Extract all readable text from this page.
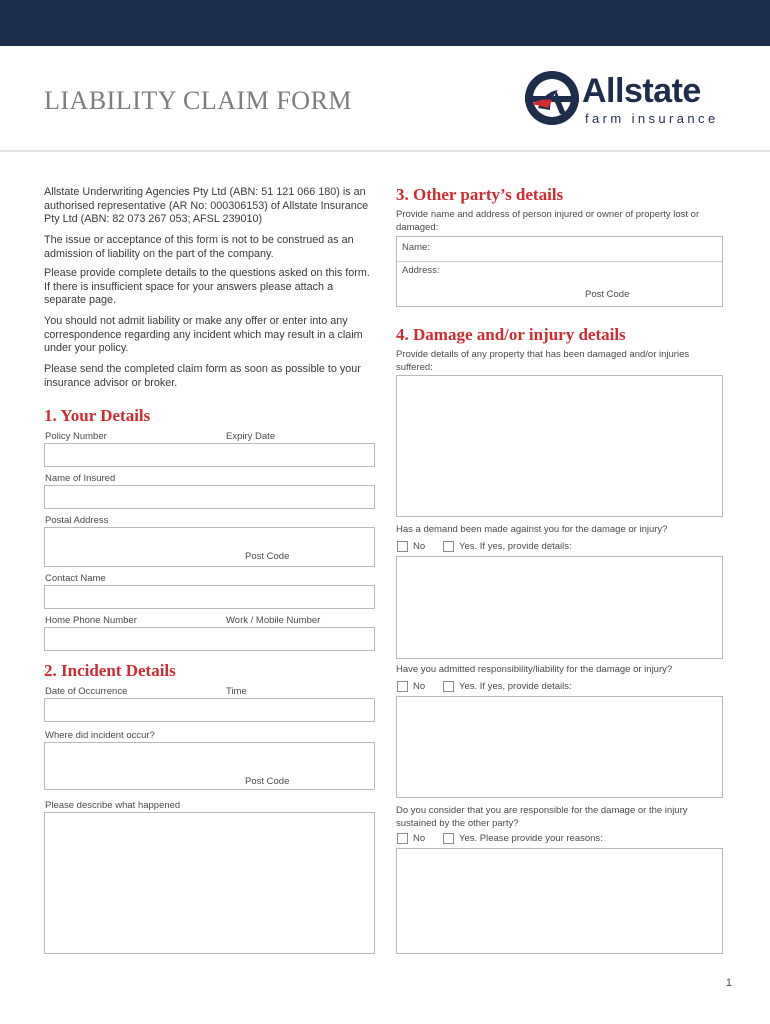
LIABILITY CLAIM FORM	Allstate
farm insurance

Allstate Underwriting Agencies Pty Ltd (ABN: 51 121 066 180) is an authorised representative (AR No: 000306153) of Allstate Insurance Pty Ltd (ABN: 82 073 267 053; AFSL 239010)

The issue or acceptance of this form is not to be construed as an admission of liability on the part of the company.

Please provide complete details to the questions asked on this form. If there is insufficient space for your answers please attach a separate page.

You should not admit liability or make any offer or enter into any correspondence regarding any incident which may result in a claim under your policy.

Please send the completed claim form as soon as possible to your insurance advisor or broker.

1. Your Details
Policy Number	Expiry Date
Name of Insured
Postal Address
Post Code
Contact Name
Home Phone Number	Work / Mobile Number
2. Incident Details
Date of Occurrence	Time
Where did incident occur?
Post Code
Please describe what happened
3. Other party’s details
Provide name and address of person injured or owner of property lost or damaged:
Name:
Address:
Post Code
4. Damage and/or injury details
Provide details of any property that has been damaged and/or injuries suffered:
Has a demand been made against you for the damage or injury?
No	Yes. If yes, provide details:
Have you admitted responsibility/liability for the damage or injury?
No	Yes. If yes, provide details:
Do you consider that you are responsible for the damage or the injury sustained by the other party?
No	Yes. Please provide your reasons:
1
